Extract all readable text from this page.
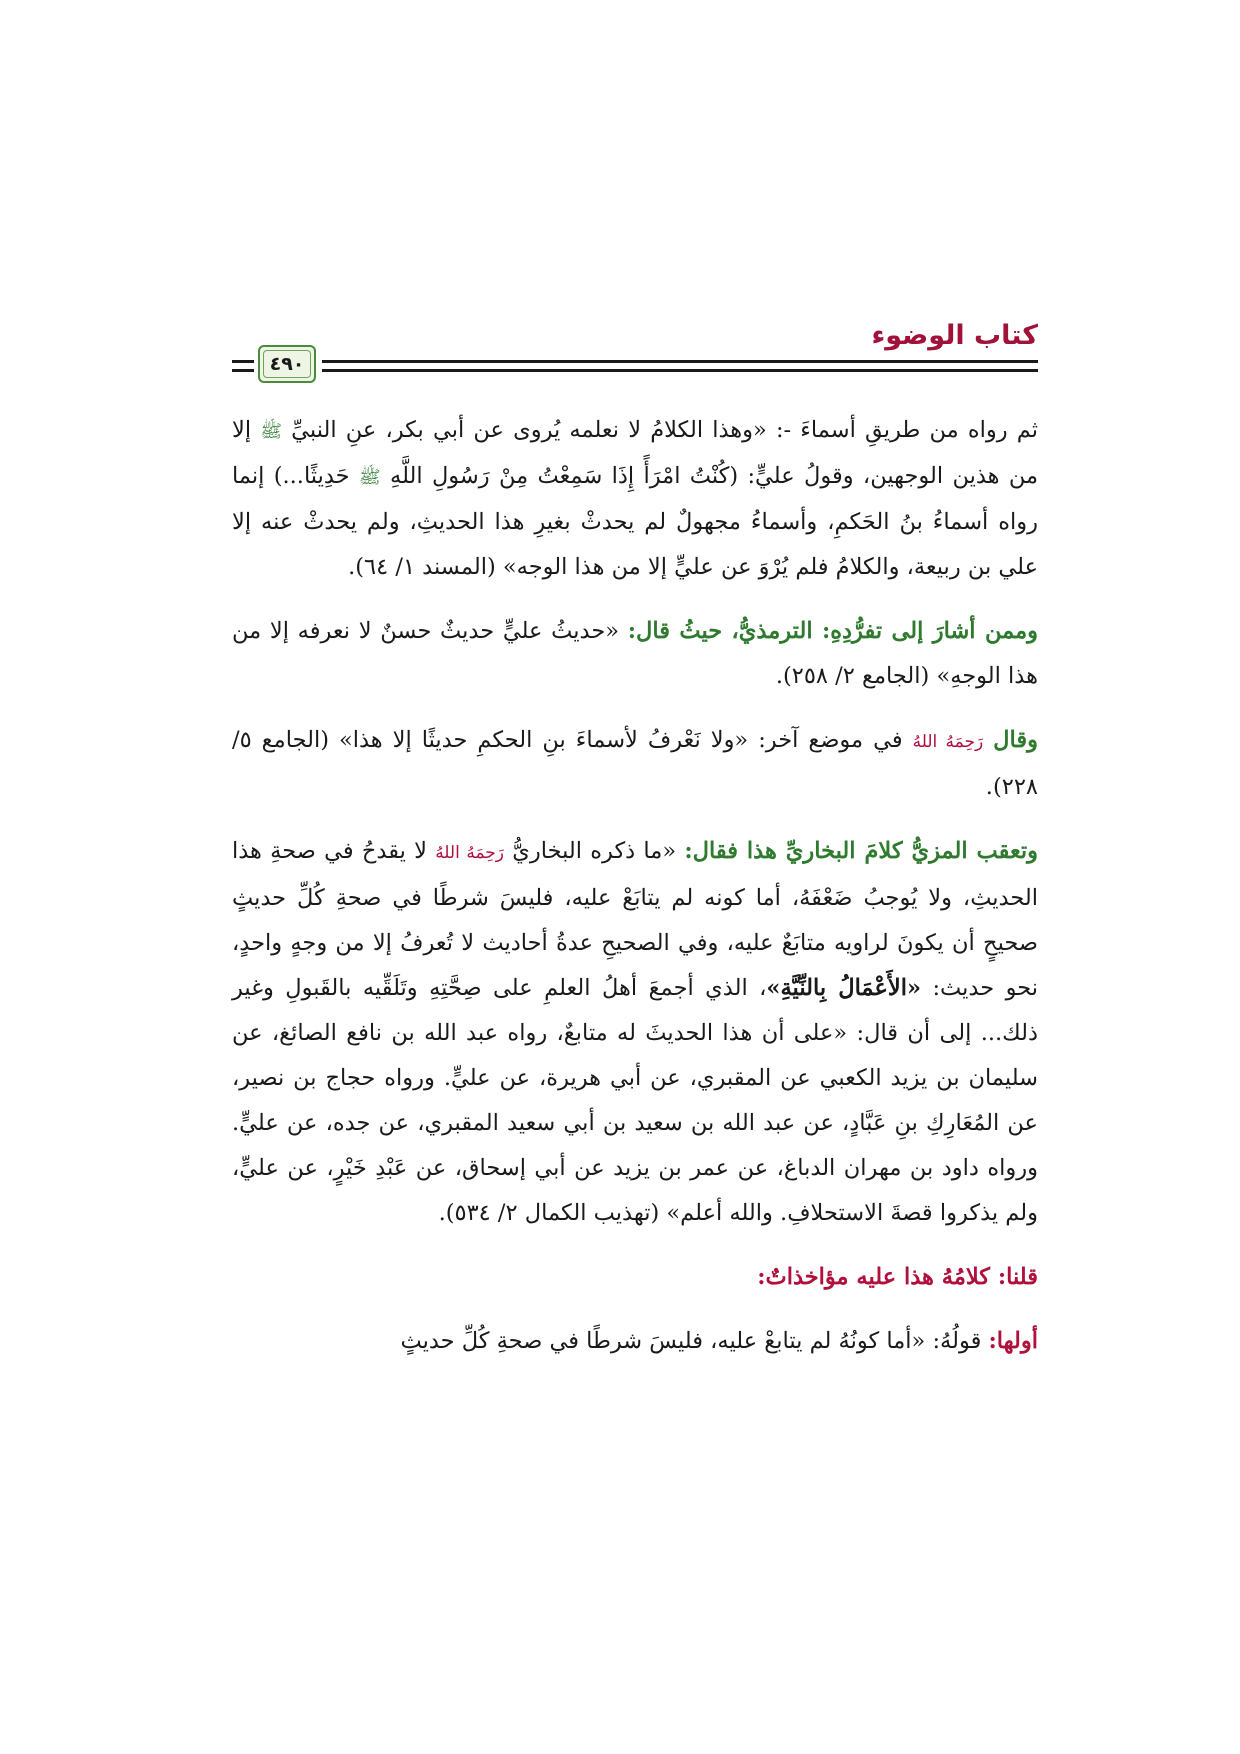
كتاب الوضوء
٤٩٠

ثم رواه من طريقِ أسماءَ -: «وهذا الكلامُ لا نعلمه يُروى عن أبي بكر، عنِ النبيِّ ﷺ إلا من هذين الوجهين، وقولُ عليٍّ: (كُنْتُ امْرَأً إِذَا سَمِعْتُ مِنْ رَسُولِ اللَّهِ ﷺ حَدِيثًا...) إنما رواه أسماءُ بنُ الحَكمِ، وأسماءُ مجهولٌ لم يحدثْ بغيرِ هذا الحديثِ، ولم يحدثْ عنه إلا علي بن ربيعة، والكلامُ فلم يُرْوَ عن عليٍّ إلا من هذا الوجه» (المسند ١/ ٦٤).

وممن أشارَ إلى تفرُّدِهِ: الترمذيُّ، حيثُ قال: «حديثُ عليٍّ حديثٌ حسنٌ لا نعرفه إلا من هذا الوجهِ» (الجامع ٢/ ٢٥٨).

وقال رَحِمَهُ اللهُ في موضع آخر: «ولا نَعْرفُ لأسماءَ بنِ الحكمِ حديثًا إلا هذا» (الجامع ٥/ ٢٢٨).

وتعقب المزيُّ كلامَ البخاريِّ هذا فقال: «ما ذكره البخاريُّ رَحِمَهُ اللهُ لا يقدحُ في صحةِ هذا الحديثِ، ولا يُوجبُ ضَعْفَهُ، أما كونه لم يتابَعْ عليه، فليسَ شرطًا في صحةِ كُلِّ حديثٍ صحيحٍ أن يكونَ لراويه متابَعٌ عليه، وفي الصحيحِ عدةُ أحاديث لا تُعرفُ إلا من وجهٍ واحدٍ، نحو حديث: «الأَعْمَالُ بِالنِّيَّةِ»، الذي أجمعَ أهلُ العلمِ على صِحَّتِهِ وتَلَقِّيه بالقَبولِ وغير ذلك... إلى أن قال: «على أن هذا الحديثَ له متابعٌ، رواه عبد الله بن نافع الصائغ، عن سليمان بن يزيد الكعبي عن المقبري، عن أبي هريرة، عن عليٍّ. ورواه حجاج بن نصير، عن المُعَارِكِ بنِ عَبَّادٍ، عن عبد الله بن سعيد بن أبي سعيد المقبري، عن جده، عن عليٍّ. ورواه داود بن مهران الدباغ، عن عمر بن يزيد عن أبي إسحاق، عن عَبْدِ خَيْرٍ، عن عليٍّ، ولم يذكروا قصةَ الاستحلافِ. والله أعلم» (تهذيب الكمال ٢/ ٥٣٤).

قلنا: كلامُهُ هذا عليه مؤاخذاتٌ:

أولها: قولُهُ: «أما كونُهُ لم يتابعْ عليه، فليسَ شرطًا في صحةِ كُلِّ حديثٍ
